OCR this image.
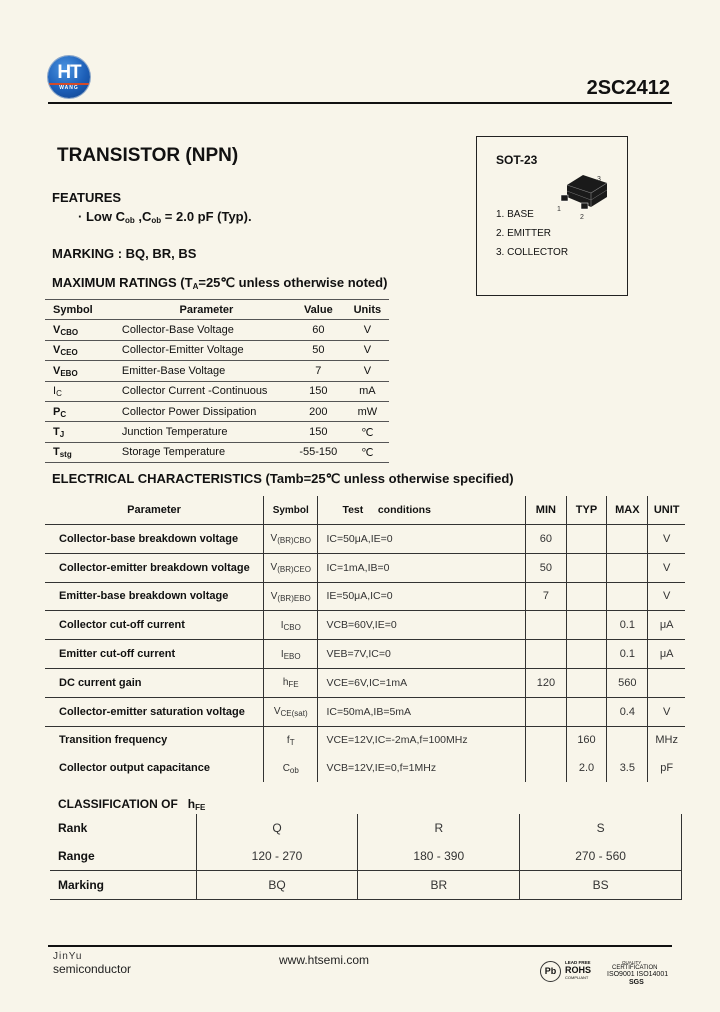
HT
WANG	2SC2412
TRANSISTOR (NPN)
FEATURES
· Low $C_{ob}$ $,C_{ob} = 2.0$ pF (Typ).
MARKING : BQ, BR, BS
MAXIMUM RATINGS ($T_A=25℃$ unless otherwise noted)
SOT-23
1
2
3
1. BASE
2. EMITTER
3. COLLECTOR
Symbol	Parameter	Value	Units
$V_{CBO}$	Collector-Base Voltage	60	V
$V_{CEO}$	Collector-Emitter Voltage	50	V
$V_{EBO}$	Emitter-Base Voltage	7	V
$I_C$	Collector Current -Continuous	150	mA
$P_C$	Collector Power Dissipation	200	mW
$T_J$	Junction Temperature	150	℃
$T_{stg}$	Storage Temperature	-55-150	℃
ELECTRICAL CHARACTERISTICS (Tamb=25℃ unless otherwise specified)
Parameter	Symbol	Test     conditions	MIN	TYP	MAX	UNIT
Collector-base breakdown voltage	$V_{(BR)CBO}$	IC=50μA,IE=0	60			V
Collector-emitter breakdown voltage	$V_{(BR)CEO}$	IC=1mA,IB=0	50			V
Emitter-base breakdown voltage	$V_{(BR)EBO}$	IE=50μA,IC=0	7			V
Collector cut-off current	$I_{CBO}$	VCB=60V,IE=0			0.1	μA
Emitter cut-off current	$I_{EBO}$	VEB=7V,IC=0			0.1	μA
DC current gain	$h_{FE}$	VCE=6V,IC=1mA	120		560	
Collector-emitter saturation voltage	$V_{CE(sat)}$	IC=50mA,IB=5mA			0.4	V
Transition frequency	$f_T$	VCE=12V,IC=-2mA,f=100MHz		160		MHz
Collector output capacitance	$C_{ob}$	VCB=12V,IE=0,f=1MHz		2.0	3.5	pF
CLASSIFICATION OF $h_{FE}$
Rank	Q	R	S
Range	120 - 270	180 - 390	270 - 560
Marking	BQ	BR	BS
JinYu
semiconductor
www.htsemi.com
Pb
LEAD FREE
ROHS
COMPLIANT
QUALITY
CERTIFICATION
ISO9001 ISO14001
SGS
